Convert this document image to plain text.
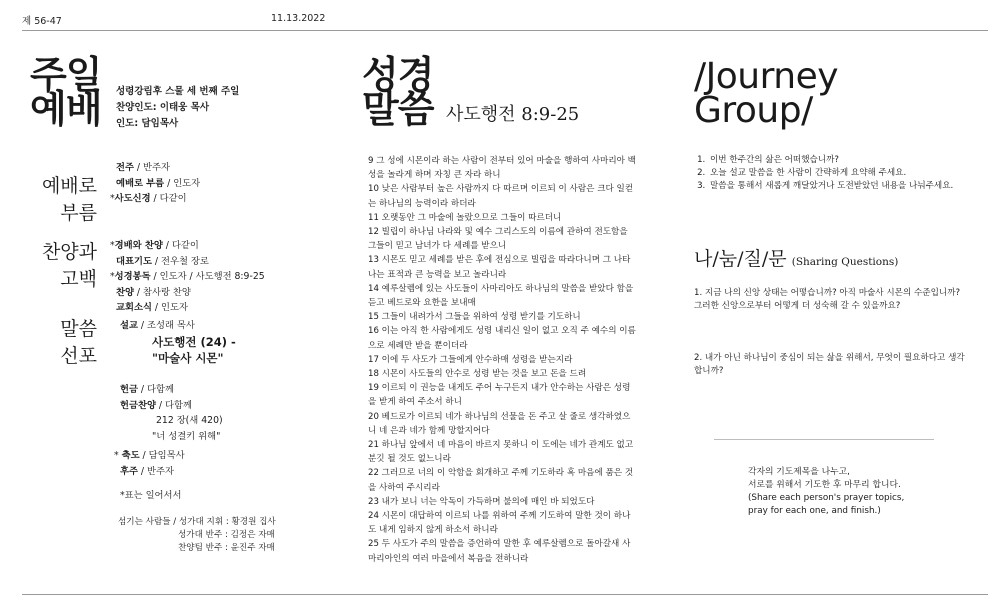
제 56-47	11.13.2022
주일
예배 성령강림후 스물 세 번째 주일
찬양인도: 이태웅 목사
인도: 담임목사
예배로
부름
전주 / 반주자
예배로 부름 / 인도자
*사도신경 / 다같이
찬양과
고백
*경배와 찬양 / 다같이
대표기도 / 전우철 장로
*성경봉독 / 인도자 / 사도행전 8:9-25
찬양 / 참사랑 찬양
교회소식 / 인도자
말씀
선포
설교 / 조성래 목사
사도행전 (24) -
"마술사 시몬"
헌금 / 다함께
헌금찬양 / 다함께
212 장(새 420)
"너 성결키 위해"
* 축도 / 담임목사
후주 / 반주자
*표는 일어서서
섬기는 사람들 / 성가대 지휘 : 황경원 집사
성가대 반주 : 김정은 자매
찬양팀 반주 : 윤진주 자매
성경
말씀 사도행전 8:9-25

9 그 성에 시몬이라 하는 사람이 전부터 있어 마술을 행하여 사마리아 백성을 놀라게 하며 자칭 큰 자라 하니

10 낮은 사람부터 높은 사람까지 다 따르며 이르되 이 사람은 크다 일컫는 하나님의 능력이라 하더라

11 오랫동안 그 마술에 놀랐으므로 그들이 따르더니

12 빌립이 하나님 나라와 및 예수 그리스도의 이름에 관하여 전도함을 그들이 믿고 남녀가 다 세례를 받으니

13 시몬도 믿고 세례를 받은 후에 전심으로 빌립을 따라다니며 그 나타나는 표적과 큰 능력을 보고 놀라니라

14 예루살렘에 있는 사도들이 사마리아도 하나님의 말씀을 받았다 함을 듣고 베드로와 요한을 보내매

15 그들이 내려가서 그들을 위하여 성령 받기를 기도하니

16 이는 아직 한 사람에게도 성령 내리신 일이 없고 오직 주 예수의 이름으로 세례만 받을 뿐이더라

17 이에 두 사도가 그들에게 안수하매 성령을 받는지라

18 시몬이 사도들의 안수로 성령 받는 것을 보고 돈을 드려

19 이르되 이 권능을 내게도 주어 누구든지 내가 안수하는 사람은 성령을 받게 하여 주소서 하니

20 베드로가 이르되 네가 하나님의 선물을 돈 주고 살 줄로 생각하였으니 네 은과 네가 함께 망할지어다

21 하나님 앞에서 네 마음이 바르지 못하니 이 도에는 네가 관계도 없고 분깃 될 것도 없느니라

22 그러므로 너의 이 악함을 회개하고 주께 기도하라 혹 마음에 품은 것을 사하여 주시리라

23 내가 보니 너는 악독이 가득하며 불의에 매인 바 되었도다

24 시몬이 대답하여 이르되 나를 위하여 주께 기도하여 말한 것이 하나도 내게 임하지 않게 하소서 하니라

25 두 사도가 주의 말씀을 증언하여 말한 후 예루살렘으로 돌아갈새 사마리아인의 여러 마을에서 복음을 전하니라

/Journey
Group/
1. 이번 한주간의 삶은 어떠했습니까?
2. 오늘 설교 말씀을 한 사람이 간략하게 요약해 주세요.
3. 말씀을 통해서 새롭게 깨달았거나 도전받았던 내용을 나눠주세요.
나/눔/질/문 (Sharing Questions)
1. 지금 나의 신앙 상태는 어떻습니까? 아직 마술사 시몬의 수준입니까? 그러한 신앙으로부터 어떻게 더 성숙해 갈 수 있을까요?
2. 내가 아닌 하나님이 중심이 되는 삶을 위해서, 무엇이 필요하다고 생각합니까?
각자의 기도제목을 나누고,
서로를 위해서 기도한 후 마무리 합니다.
(Share each person's prayer topics,
pray for each one, and finish.)
